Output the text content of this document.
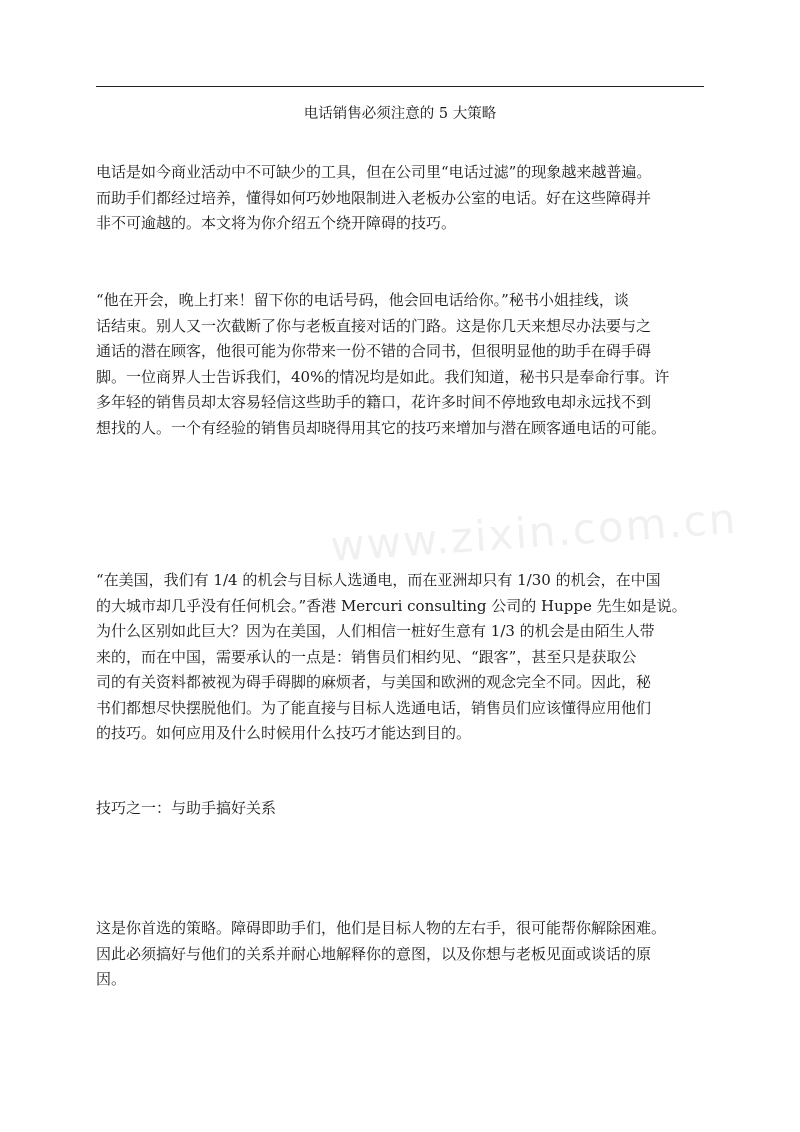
电话销售必须注意的 5 大策略
www.zixin.com.cn
电话是如今商业活动中不可缺少的工具，但在公司里“电话过滤”的现象越来越普遍。
而助手们都经过培养，懂得如何巧妙地限制进入老板办公室的电话。好在这些障碍并
非不可逾越的。本文将为你介绍五个绕开障碍的技巧。
“他在开会，晚上打来！留下你的电话号码，他会回电话给你。”秘书小姐挂线，谈
话结束。别人又一次截断了你与老板直接对话的门路。这是你几天来想尽办法要与之
通话的潜在顾客，他很可能为你带来一份不错的合同书，但很明显他的助手在碍手碍
脚。一位商界人士告诉我们，40%的情况均是如此。我们知道，秘书只是奉命行事。许
多年轻的销售员却太容易轻信这些助手的籍口，花许多时间不停地致电却永远找不到
想找的人。一个有经验的销售员却晓得用其它的技巧来增加与潜在顾客通电话的可能。
“在美国，我们有 1/4 的机会与目标人选通电，而在亚洲却只有 1/30 的机会，在中国
的大城市却几乎没有任何机会。”香港 Mercuri consulting 公司的 Huppe 先生如是说。
为什么区别如此巨大？因为在美国，人们相信一桩好生意有 1/3 的机会是由陌生人带
来的，而在中国，需要承认的一点是：销售员们相约见、“跟客”，甚至只是获取公
司的有关资料都被视为碍手碍脚的麻烦者，与美国和欧洲的观念完全不同。因此，秘
书们都想尽快摆脱他们。为了能直接与目标人选通电话，销售员们应该懂得应用他们
的技巧。如何应用及什么时候用什么技巧才能达到目的。
技巧之一：与助手搞好关系
这是你首选的策略。障碍即助手们，他们是目标人物的左右手，很可能帮你解除困难。
因此必须搞好与他们的关系并耐心地解释你的意图，以及你想与老板见面或谈话的原
因。
